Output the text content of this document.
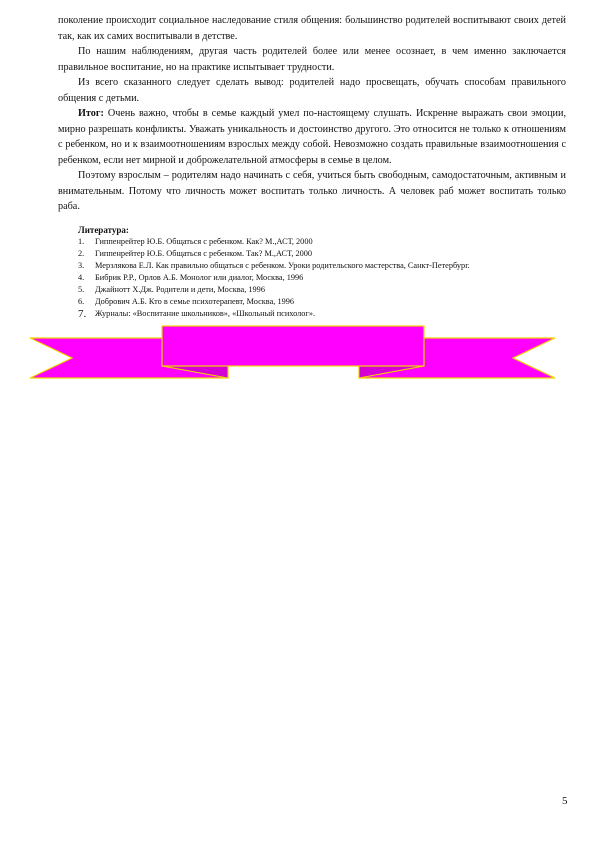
поколение происходит социальное наследование стиля общения: большинство родителей воспитывают своих детей так, как их самих воспитывали в детстве.

По нашим наблюдениям, другая часть родителей более или менее осознает, в чем именно заключается правильное воспитание, но на практике испытывает трудности.

Из всего сказанного следует сделать вывод: родителей надо просвещать, обучать способам правильного общения с детьми.

Итог: Очень важно, чтобы в семье каждый умел по-настоящему слушать. Искренне выражать свои эмоции, мирно разрешать конфликты. Уважать уникальность и достоинство другого. Это относится не только к отношениям с ребенком, но и к взаимоотношениям взрослых между собой. Невозможно создать правильные взаимоотношения с ребенком, если нет мирной и доброжелательной атмосферы в семье в целом.

Поэтому взрослым – родителям надо начинать с себя, учиться быть свободным, самодостаточным, активным и внимательным. Потому что личность может воспитать только личность. А человек раб может воспитать только раба.

Литература:

1.	Гиппенрейтер Ю.Б. Общаться с ребенком. Как? М.,АСТ, 2000
2.	Гиппенрейтер Ю.Б. Общаться с ребенком. Так? М.,АСТ, 2000
3.	Мерзлякова Е.Л. Как правильно общаться с ребенком. Уроки родительского мастерства, Санкт-Петербург.
4.	Бибрик Р.Р., Орлов А.Б. Монолог или диалог, Москва, 1996
5.	Джайнотт Х.Дж. Родители и дети, Москва, 1996
6.	Добрович А.Б. Кто в семье психотерапевт, Москва, 1996
7.	Журналы: «Воспитание школьников», «Школьный психолог».
5
